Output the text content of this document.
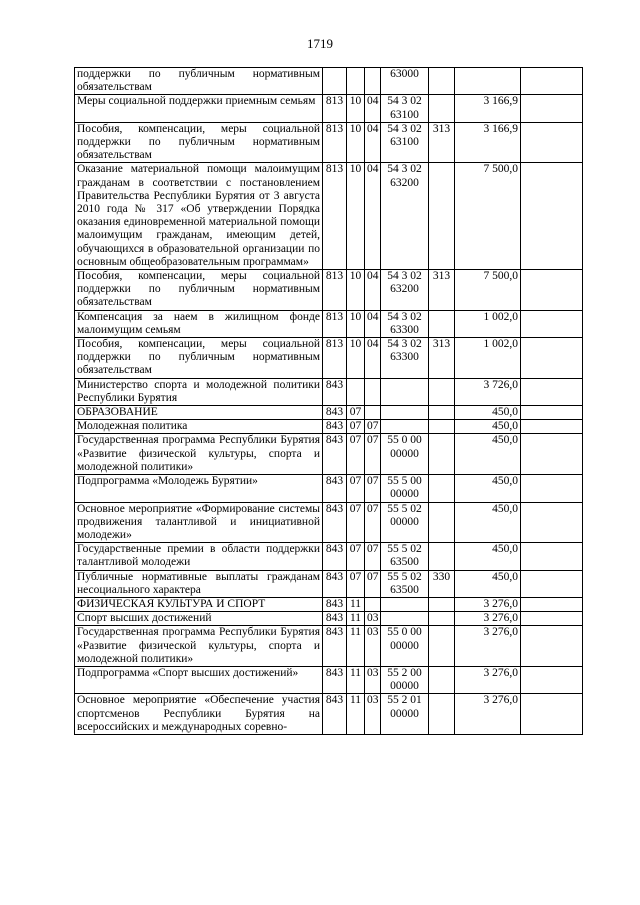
1719
поддержки по публичным нормативным обязательствам				63000			
Меры социальной поддержки приемным семьям	813	10	04	54 3 02 63100		3 166,9	
Пособия, компенсации, меры социальной поддержки по публичным нормативным обязательствам	813	10	04	54 3 02 63100	313	3 166,9	
Оказание материальной помощи малоимущим гражданам в соответствии с постановлением Правительства Республики Бурятия от 3 августа 2010 года № 317 «Об утверждении Порядка оказания единовременной материальной помощи малоимущим гражданам, имеющим детей, обучающихся в образовательной организации по основным общеобразовательным программам»	813	10	04	54 3 02 63200		7 500,0	
Пособия, компенсации, меры социальной поддержки по публичным нормативным обязательствам	813	10	04	54 3 02 63200	313	7 500,0	
Компенсация за наем в жилищном фонде малоимущим семьям	813	10	04	54 3 02 63300		1 002,0	
Пособия, компенсации, меры социальной поддержки по публичным нормативным обязательствам	813	10	04	54 3 02 63300	313	1 002,0	
Министерство спорта и молодежной политики Республики Бурятия	843					3 726,0	
ОБРАЗОВАНИЕ	843	07				450,0	
Молодежная политика	843	07	07			450,0	
Государственная программа Республики Бурятия «Развитие физической культуры, спорта и молодежной политики»	843	07	07	55 0 00 00000		450,0	
Подпрограмма «Молодежь Бурятии»	843	07	07	55 5 00 00000		450,0	
Основное мероприятие «Формирование системы продвижения талантливой и инициативной молодежи»	843	07	07	55 5 02 00000		450,0	
Государственные премии в области поддержки талантливой молодежи	843	07	07	55 5 02 63500		450,0	
Публичные нормативные выплаты гражданам несоциального характера	843	07	07	55 5 02 63500	330	450,0	
ФИЗИЧЕСКАЯ КУЛЬТУРА И СПОРТ	843	11				3 276,0	
Спорт высших достижений	843	11	03			3 276,0	
Государственная программа Республики Бурятия «Развитие физической культуры, спорта и молодежной политики»	843	11	03	55 0 00 00000		3 276,0	
Подпрограмма «Спорт высших достижений»	843	11	03	55 2 00 00000		3 276,0	
Основное мероприятие «Обеспечение участия спортсменов Республики Бурятия на всероссийских и международных соревно-	843	11	03	55 2 01 00000		3 276,0	
